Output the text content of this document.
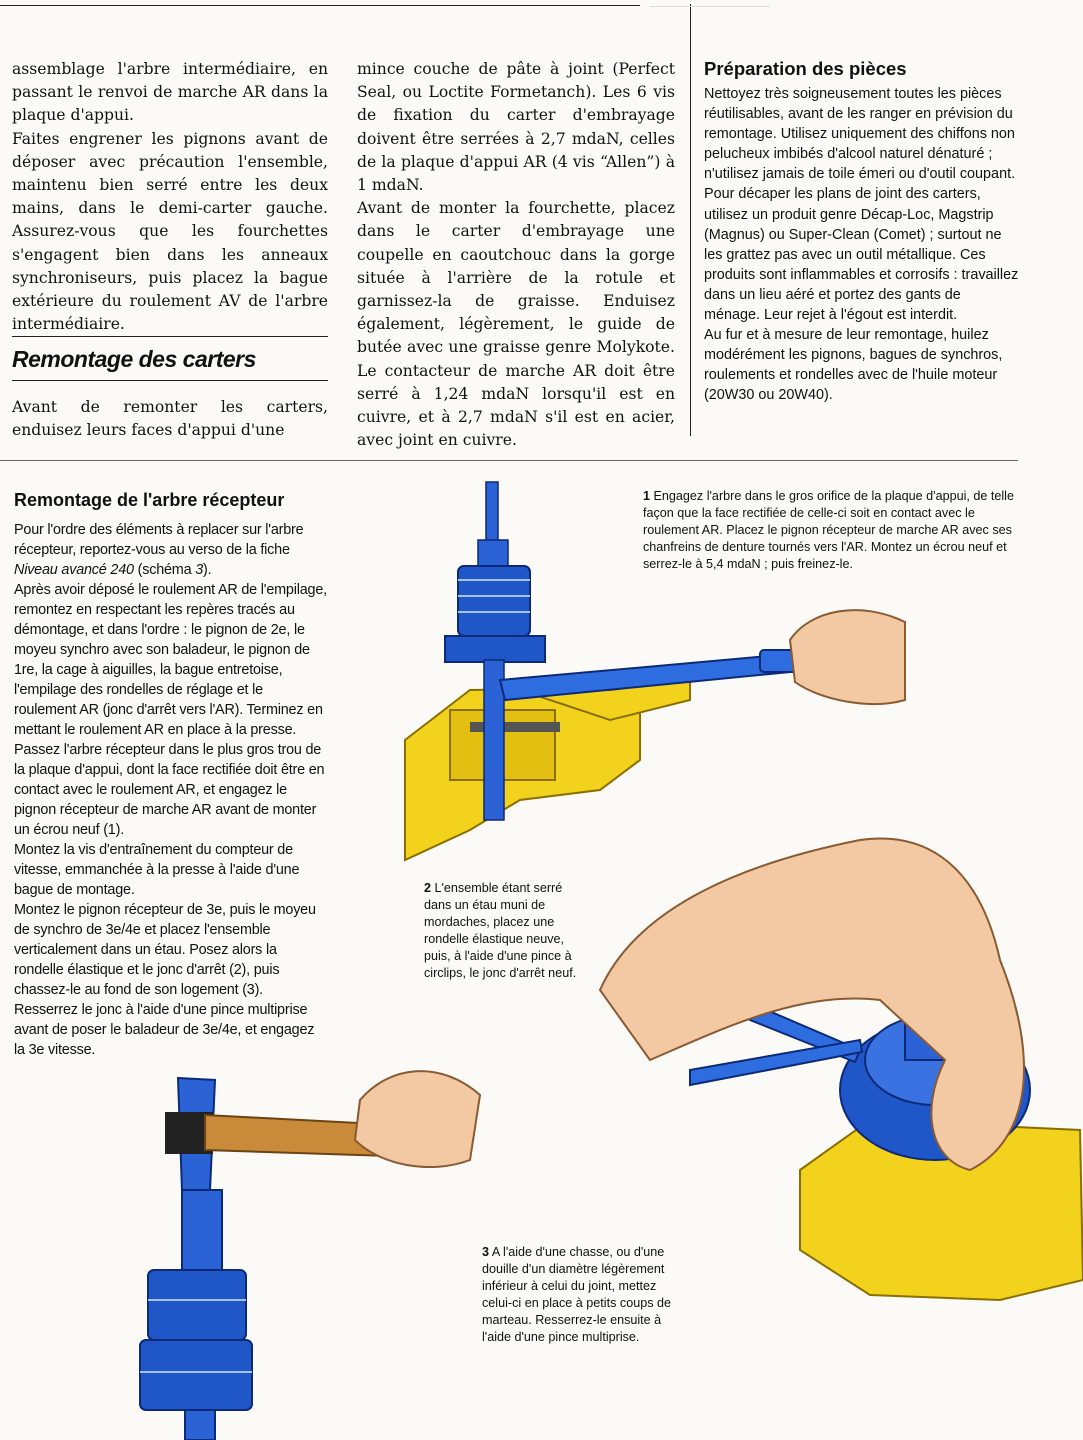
assemblage l'arbre intermédiaire, en passant le renvoi de marche AR dans la plaque d'appui.

Faites engrener les pignons avant de déposer avec précaution l'ensemble, maintenu bien serré entre les deux mains, dans le demi-carter gauche. Assurez-vous que les fourchettes s'engagent bien dans les anneaux synchroniseurs, puis placez la bague extérieure du roulement AV de l'arbre intermédiaire.

Remontage des carters
Avant de remonter les carters, enduisez leurs faces d'appui d'une

mince couche de pâte à joint (Perfect Seal, ou Loctite Formetanch). Les 6 vis de fixation du carter d'embrayage doivent être serrées à 2,7 mdaN, celles de la plaque d'appui AR (4 vis “Allen”) à 1 mdaN.

Avant de monter la fourchette, placez dans le carter d'embrayage une coupelle en caoutchouc dans la gorge située à l'arrière de la rotule et garnissez-la de graisse. Enduisez également, légèrement, le guide de butée avec une graisse genre Molykote. Le contacteur de marche AR doit être serré à 1,24 mdaN lorsqu'il est en cuivre, et à 2,7 mdaN s'il est en acier, avec joint en cuivre.

Préparation des pièces

Nettoyez très soigneusement toutes les pièces réutilisables, avant de les ranger en prévision du remontage. Utilisez uniquement des chiffons non pelucheux imbibés d'alcool naturel dénaturé ; n'utilisez jamais de toile émeri ou d'outil coupant.

Pour décaper les plans de joint des carters, utilisez un produit genre Décap-Loc, Magstrip (Magnus) ou Super-Clean (Comet) ; surtout ne les grattez pas avec un outil métallique. Ces produits sont inflammables et corrosifs : travaillez dans un lieu aéré et portez des gants de ménage. Leur rejet à l'égout est interdit.

Au fur et à mesure de leur remontage, huilez modérément les pignons, bagues de synchros, roulements et rondelles avec de l'huile moteur (20W30 ou 20W40).

Remontage de l'arbre récepteur

Pour l'ordre des éléments à replacer sur l'arbre récepteur, reportez-vous au verso de la fiche Niveau avancé 240 (schéma 3).

Après avoir déposé le roulement AR de l'empilage, remontez en respectant les repères tracés au démontage, et dans l'ordre : le pignon de 2e, le moyeu synchro avec son baladeur, le pignon de 1re, la cage à aiguilles, la bague entretoise, l'empilage des rondelles de réglage et le roulement AR (jonc d'arrêt vers l'AR). Terminez en mettant le roulement AR en place à la presse.

Passez l'arbre récepteur dans le plus gros trou de la plaque d'appui, dont la face rectifiée doit être en contact avec le roulement AR, et engagez le pignon récepteur de marche AR avant de monter un écrou neuf (1).

Montez la vis d'entraînement du compteur de vitesse, emmanchée à la presse à l'aide d'une bague de montage.

Montez le pignon récepteur de 3e, puis le moyeu de synchro de 3e/4e et placez l'ensemble verticalement dans un étau. Posez alors la rondelle élastique et le jonc d'arrêt (2), puis chassez-le au fond de son logement (3). Resserrez le jonc à l'aide d'une pince multiprise avant de poser le baladeur de 3e/4e, et engagez la 3e vitesse.

1 Engagez l'arbre dans le gros orifice de la plaque d'appui, de telle façon que la face rectifiée de celle-ci soit en contact avec le roulement AR. Placez le pignon récepteur de marche AR avec ses chanfreins de denture tournés vers l'AR. Montez un écrou neuf et serrez-le à 5,4 mdaN ; puis freinez-le.
2 L'ensemble étant serré dans un étau muni de mordaches, placez une rondelle élastique neuve, puis, à l'aide d'une pince à circlips, le jonc d'arrêt neuf.
3 A l'aide d'une chasse, ou d'une douille d'un diamètre légèrement inférieur à celui du joint, mettez celui-ci en place à petits coups de marteau. Resserrez-le ensuite à l'aide d'une pince multiprise.
